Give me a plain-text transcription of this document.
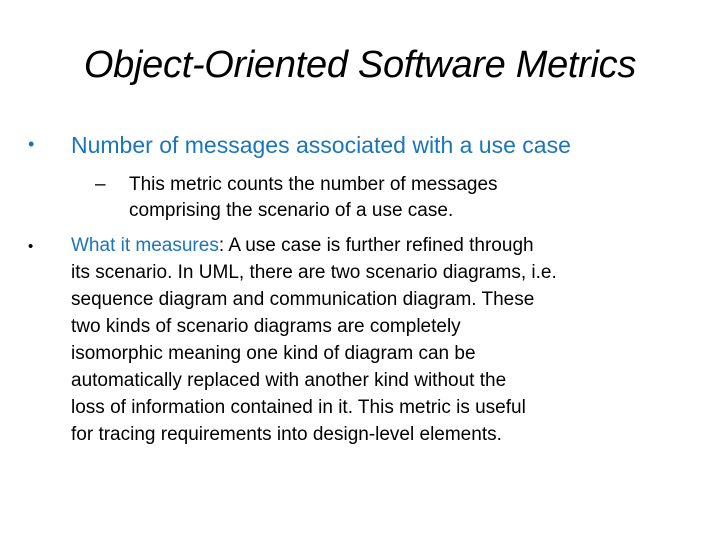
Object-Oriented Software Metrics
• Number of messages associated with a use case
– This metric counts the number of messages
comprising the scenario of a use case.
• What it measures: A use case is further refined through
its scenario. In UML, there are two scenario diagrams, i.e.
sequence diagram and communication diagram. These
two kinds of scenario diagrams are completely
isomorphic meaning one kind of diagram can be
automatically replaced with another kind without the
loss of information contained in it. This metric is useful
for tracing requirements into design-level elements.
